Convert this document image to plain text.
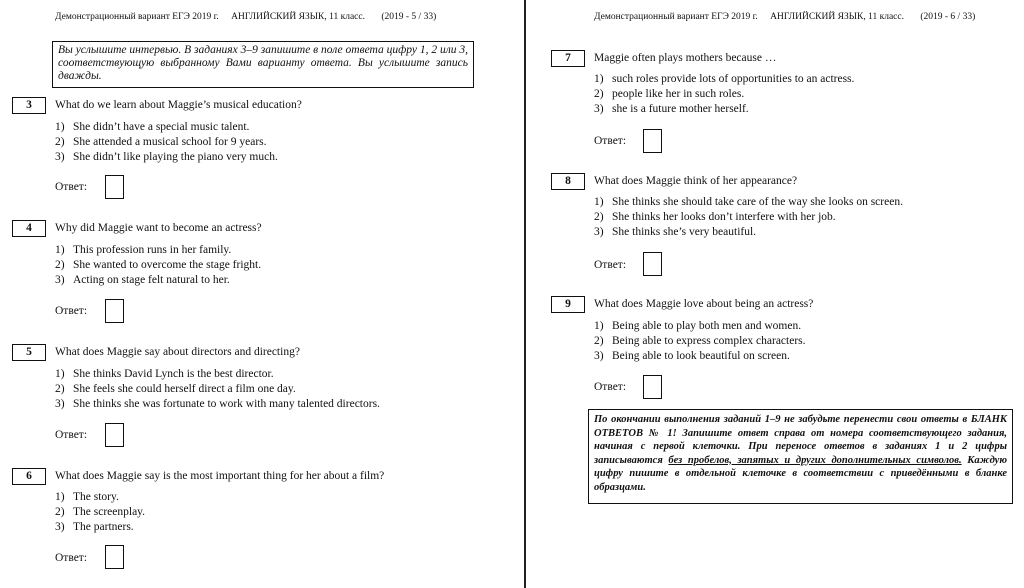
Демонстрационный вариант ЕГЭ 2019 г. АНГЛИЙСКИЙ ЯЗЫК, 11 класс. (2019 - 5 / 33)
Вы услышите интервью. В заданиях 3–9 запишите в поле ответа цифру 1, 2 или 3, соответствующую выбранному Вами варианту ответа. Вы услышите запись дважды.
3	What do we learn about Maggie’s musical education?
1) She didn’t have a special music talent.
2) She attended a musical school for 9 years.
3) She didn’t like playing the piano very much.
Ответ:
4	Why did Maggie want to become an actress?
1) This profession runs in her family.
2) She wanted to overcome the stage fright.
3) Acting on stage felt natural to her.
Ответ:
5	What does Maggie say about directors and directing?
1) She thinks David Lynch is the best director.
2) She feels she could herself direct a film one day.
3) She thinks she was fortunate to work with many talented directors.
Ответ:
6	What does Maggie say is the most important thing for her about a film?
1) The story.
2) The screenplay.
3) The partners.
Ответ:
Демонстрационный вариант ЕГЭ 2019 г. АНГЛИЙСКИЙ ЯЗЫК, 11 класс. (2019 - 6 / 33)
7	Maggie often plays mothers because …
1) such roles provide lots of opportunities to an actress.
2) people like her in such roles.
3) she is a future mother herself.
Ответ:
8	What does Maggie think of her appearance?
1) She thinks she should take care of the way she looks on screen.
2) She thinks her looks don’t interfere with her job.
3) She thinks she’s very beautiful.
Ответ:
9	What does Maggie love about being an actress?
1) Being able to play both men and women.
2) Being able to express complex characters.
3) Being able to look beautiful on screen.
Ответ:
По окончании выполнения заданий 1–9 не забудьте перенести свои ответы в БЛАНК ОТВЕТОВ № 1! Запишите ответ справа от номера соответствующего задания, начиная с первой клеточки. При переносе ответов в заданиях 1 и 2 цифры записываются без пробелов, запятых и других дополнительных символов. Каждую цифру пишите в отдельной клеточке в соответствии с приведёнными в бланке образцами.
